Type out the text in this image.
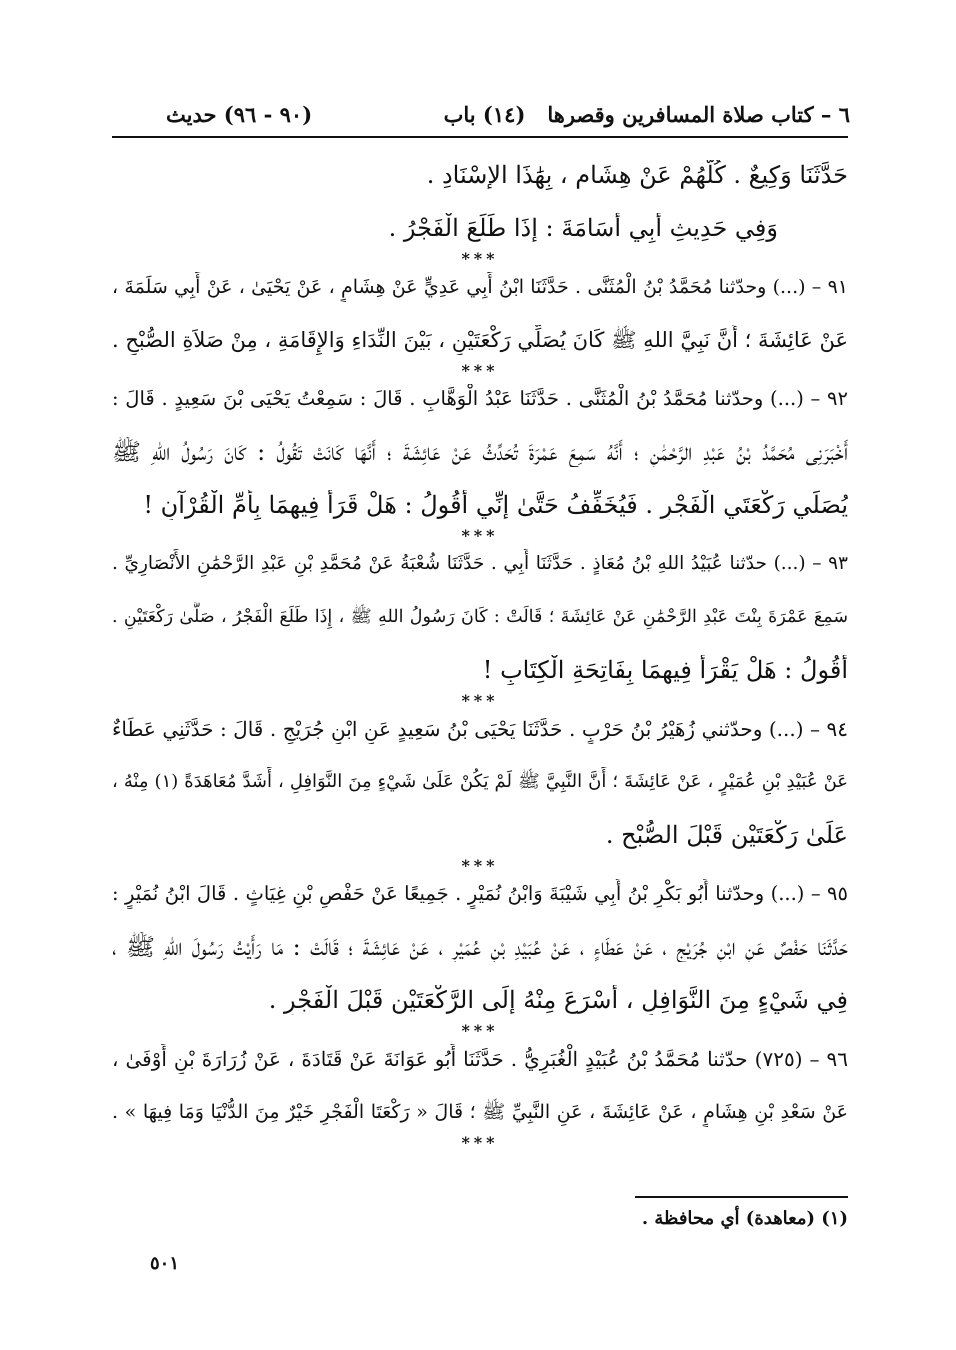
٦ – كتاب صلاة المسافرين وقصرها(١٤) باب
(٩٠ - ٩٦) حديث
حَدَّثَنَا وَكِيعٌ . كُلُّهُمْ عَنْ هِشَامٍ ، بِهَٰذَا الإِسْنَادِ .
وَفِي حَدِيثِ أَبِي أُسَامَةَ : إِذَا طَلَعَ الْفَجْرُ .
***
٩١ – (...) وحدّثنا مُحَمَّدُ بْنُ الْمُثَنَّى . حَدَّثَنَا ابْنُ أَبِي عَدِيٍّ عَنْ هِشَامٍ ، عَنْ يَحْيَىٰ ، عَنْ أَبِي سَلَمَةَ ،
عَنْ عَائِشَةَ ؛ أَنَّ نَبِيَّ اللهِ ﷺ كَانَ يُصَلِّي رَكْعَتَيْنِ ، بَيْنَ النِّدَاءِ وَالإِقَامَةِ ، مِنْ صَلاَةِ الصُّبْحِ .
***
٩٢ – (...) وحدّثنا مُحَمَّدُ بْنُ الْمُثَنَّى . حَدَّثَنَا عَبْدُ الْوَهَّابِ . قَالَ : سَمِعْتُ يَحْيَى بْنَ سَعِيدٍ . قَالَ :
أَخْبَرَنِي مُحَمَّدُ بْنُ عَبْدِ الرَّحْمَٰنِ ؛ أَنَّهُ سَمِعَ عَمْرَةَ تُحَدِّثُ عَنْ عَائِشَةَ ؛ أَنَّهَا كَانَتْ تَقُولُ : كَانَ رَسُولُ اللهِ ﷺ
يُصَلِّي رَكْعَتَيِ الْفَجْرِ . فَيُخَفِّفُ حَتَّىٰ إِنِّي أَقُولُ : هَلْ قَرَأَ فِيهِمَا بِأُمِّ الْقُرْآنِ !
***
٩٣ – (...) حدّثنا عُبَيْدُ اللهِ بْنُ مُعَاذٍ . حَدَّثَنَا أَبِي . حَدَّثَنَا شُعْبَةُ عَنْ مُحَمَّدِ بْنِ عَبْدِ الرَّحْمَٰنِ الأَنْصَارِيِّ .
سَمِعَ عَمْرَةَ بِنْتَ عَبْدِ الرَّحْمَٰنِ عَنْ عَائِشَةَ ؛ قَالَتْ : كَانَ رَسُولُ اللهِ ﷺ ، إِذَا طَلَعَ الْفَجْرُ ، صَلَّىٰ رَكْعَتَيْنِ .
أَقُولُ : هَلْ يَقْرَأُ فِيهِمَا بِفَاتِحَةِ الْكِتَابِ !
***
٩٤ – (...) وحدّثني زُهَيْرُ بْنُ حَرْبٍ . حَدَّثَنَا يَحْيَى بْنُ سَعِيدٍ عَنِ ابْنِ جُرَيْجٍ . قَالَ : حَدَّثَنِي عَطَاءٌ
عَنْ عُبَيْدِ بْنِ عُمَيْرٍ ، عَنْ عَائِشَةَ ؛ أَنَّ النَّبِيَّ ﷺ لَمْ يَكُنْ عَلَىٰ شَيْءٍ مِنَ النَّوَافِلِ ، أَشَدَّ مُعَاهَدَةً (١) مِنْهُ ،
عَلَىٰ رَكْعَتَيْنِ قَبْلَ الصُّبْحِ .
***
٩٥ – (...) وحدّثنا أَبُو بَكْرِ بْنُ أَبِي شَيْبَةَ وَابْنُ نُمَيْرٍ . جَمِيعًا عَنْ حَفْصِ بْنِ غِيَاثٍ . قَالَ ابْنُ نُمَيْرٍ :
حَدَّثَنَا حَفْصٌ عَنِ ابْنِ جُرَيْجٍ ، عَنْ عَطَاءٍ ، عَنْ عُبَيْدِ بْنِ عُمَيْرٍ ، عَنْ عَائِشَةَ ؛ قَالَتْ : مَا رَأَيْتُ رَسُولَ اللهِ ﷺ ،
فِي شَيْءٍ مِنَ النَّوَافِلِ ، أَسْرَعَ مِنْهُ إِلَى الرَّكْعَتَيْنِ قَبْلَ الْفَجْرِ .
***
٩٦ – (٧٢٥) حدّثنا مُحَمَّدُ بْنُ عُبَيْدٍ الْغُبَرِيُّ . حَدَّثَنَا أَبُو عَوَانَةَ عَنْ قَتَادَةَ ، عَنْ زُرَارَةَ بْنِ أَوْفَىٰ ،
عَنْ سَعْدِ بْنِ هِشَامٍ ، عَنْ عَائِشَةَ ، عَنِ النَّبِيِّ ﷺ ؛ قَالَ « رَكْعَتَا الْفَجْرِ خَيْرٌ مِنَ الدُّنْيَا وَمَا فِيهَا » .
***
(١) (معاهدة) أي محافظة .
٥٠١
